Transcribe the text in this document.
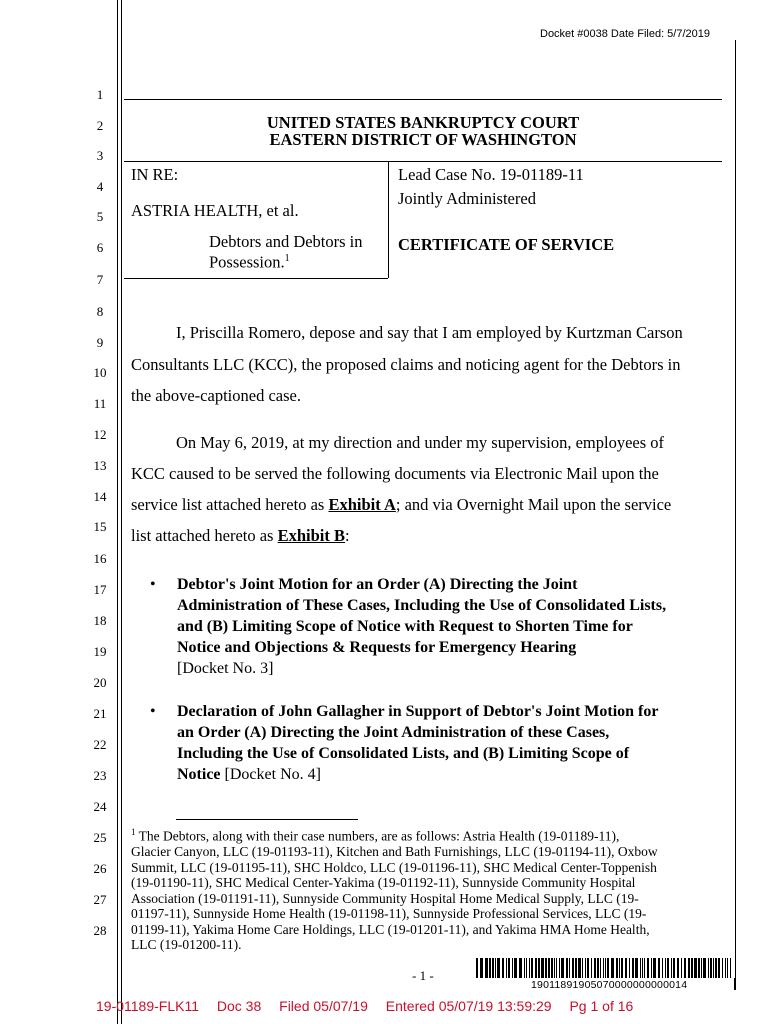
Docket #0038 Date Filed: 5/7/2019
1
2
3
4
5
6
7
8
9
10
11
12
13
14
15
16
17
18
19
20
21
22
23
24
25
26
27
28
UNITED STATES BANKRUPTCY COURT
EASTERN DISTRICT OF WASHINGTON
IN RE:
ASTRIA HEALTH, et al.
Debtors and Debtors in
Possession.$^1$
Lead Case No. 19-01189-11
Jointly Administered
CERTIFICATE OF SERVICE
I, Priscilla Romero, depose and say that I am employed by Kurtzman Carson
Consultants LLC (KCC), the proposed claims and noticing agent for the Debtors in
the above-captioned case.
On May 6, 2019, at my direction and under my supervision, employees of
KCC caused to be served the following documents via Electronic Mail upon the
service list attached hereto as Exhibit A; and via Overnight Mail upon the service
list attached hereto as Exhibit B:
• Debtor's Joint Motion for an Order (A) Directing the Joint
Administration of These Cases, Including the Use of Consolidated Lists,
and (B) Limiting Scope of Notice with Request to Shorten Time for
Notice and Objections & Requests for Emergency Hearing
[Docket No. 3]
• Declaration of John Gallagher in Support of Debtor's Joint Motion for
an Order (A) Directing the Joint Administration of these Cases,
Including the Use of Consolidated Lists, and (B) Limiting Scope of
Notice [Docket No. 4]
$^1$ The Debtors, along with their case numbers, are as follows: Astria Health (19-01189-11),
Glacier Canyon, LLC (19-01193-11), Kitchen and Bath Furnishings, LLC (19-01194-11), Oxbow
Summit, LLC (19-01195-11), SHC Holdco, LLC (19-01196-11), SHC Medical Center-Toppenish
(19-01190-11), SHC Medical Center-Yakima (19-01192-11), Sunnyside Community Hospital
Association (19-01191-11), Sunnyside Community Hospital Home Medical Supply, LLC (19-
01197-11), Sunnyside Home Health (19-01198-11), Sunnyside Professional Services, LLC (19-
01199-11), Yakima Home Care Holdings, LLC (19-01201-11), and Yakima HMA Home Health,
LLC (19-01200-11).
- 1 -
19011891905070000000000014
19-01189-FLK11 Doc 38 Filed 05/07/19 Entered 05/07/19 13:59:29 Pg 1 of 16
